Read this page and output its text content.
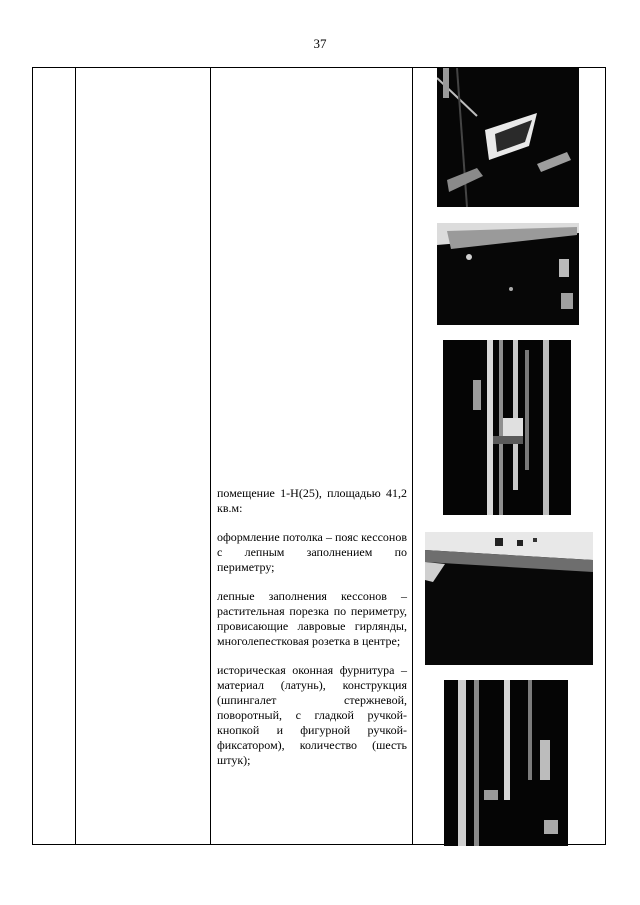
37

помещение 1-Н(25), площадью 41,2 кв.м:

оформление потолка – пояс кессонов с лепным заполнением по периметру;

лепные заполнения кессонов – растительная порезка по периметру, провисающие лавровые гирлянды, многолепестковая розетка в центре;

историческая оконная фурнитура – материал (латунь), конструкция (шпингалет стержневой, поворотный, с гладкой ручкой-кнопкой и фигурной ручкой-фиксатором), количество (шесть штук);
